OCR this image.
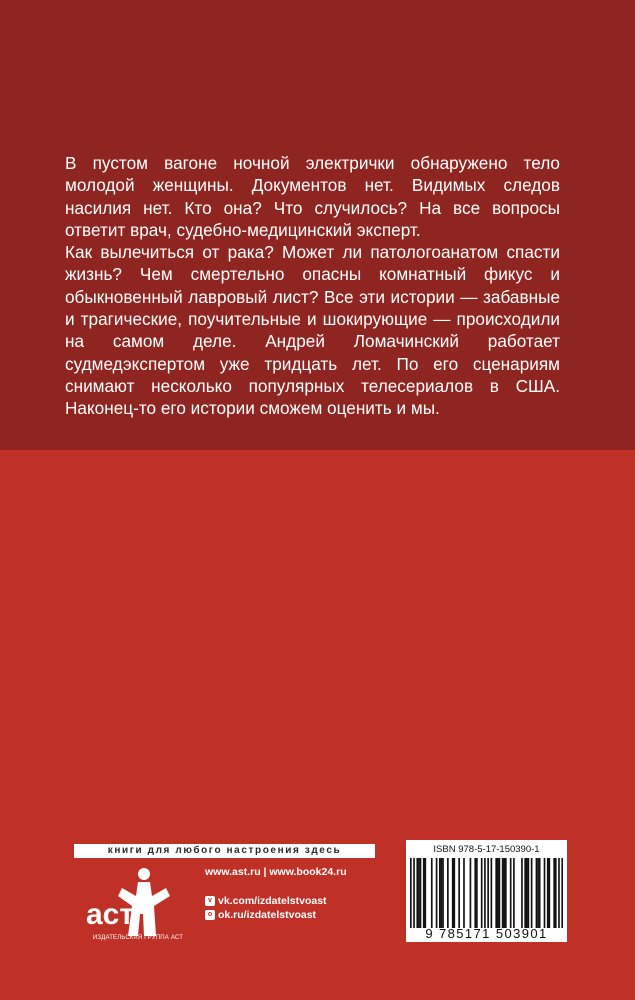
В пустом вагоне ночной электрички обнаружено тело молодой женщины. Документов нет. Видимых следов насилия нет. Кто она? Что случилось? На все вопросы ответит врач, судебно-медицинский эксперт.

Как вылечиться от рака? Может ли патологоанатом спасти жизнь? Чем смертельно опасны комнатный фикус и обыкновенный лавровый лист? Все эти истории — забавные и трагические, поучительные и шокирующие — происходили на самом деле. Андрей Ломачинский работает судмедэкспертом уже тридцать лет. По его сценариям снимают несколько популярных телесериалов в США. Наконец-то его истории сможем оценить и мы.

книги для любого настроения здесь
аст
ИЗДАТЕЛЬСКАЯ ГРУППА АСТ
www.ast.ru | www.book24.ru
v vk.com/izdatelstvoast
o ok.ru/izdatelstvoast
ISBN 978-5-17-150390-1
9 785171 503901
